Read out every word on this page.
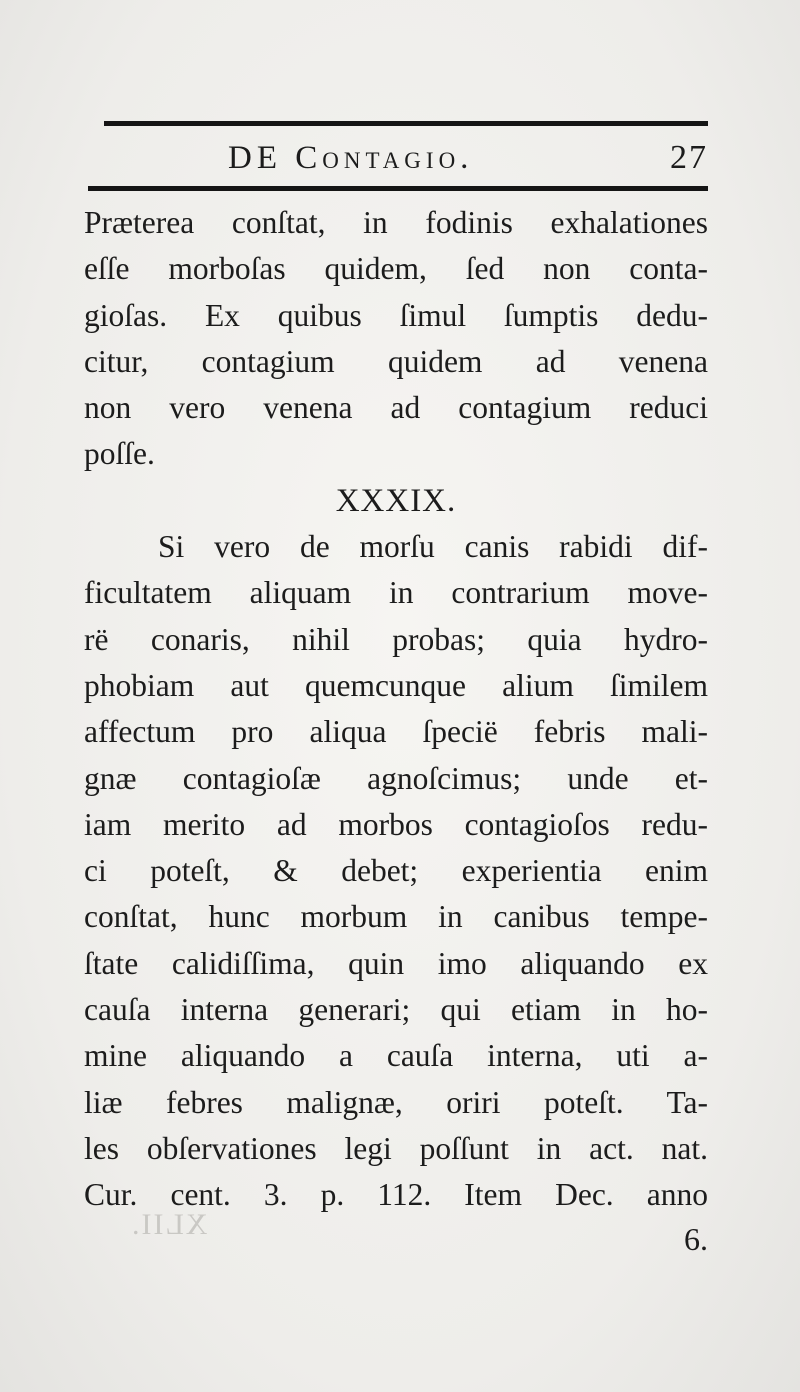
DE Contagio.	27
Præterea conſtat, in fodinis exhalationes
eſſe morboſas quidem, ſed non conta-
gioſas. Ex quibus ſimul ſumptis dedu-
citur, contagium quidem ad venena
non vero venena ad contagium reduci
poſſe.
XXXIX.
Si vero de morſu canis rabidi dif-
ficultatem aliquam in contrarium move-
rë conaris, nihil probas; quia hydro-
phobiam aut quemcunque alium ſimilem
affectum pro aliqua ſpecië febris mali-
gnæ contagioſæ agnoſcimus; unde et-
iam merito ad morbos contagioſos redu-
ci poteſt, & debet; experientia enim
conſtat, hunc morbum in canibus tempe-
ſtate calidiſſima, quin imo aliquando ex
cauſa interna generari; qui etiam in ho-
mine aliquando a cauſa interna, uti a-
liæ febres malignæ, oriri poteſt. Ta-
les obſervationes legi poſſunt in act. nat.
Cur. cent. 3. p. 112. Item Dec. anno
XLII.	6.
